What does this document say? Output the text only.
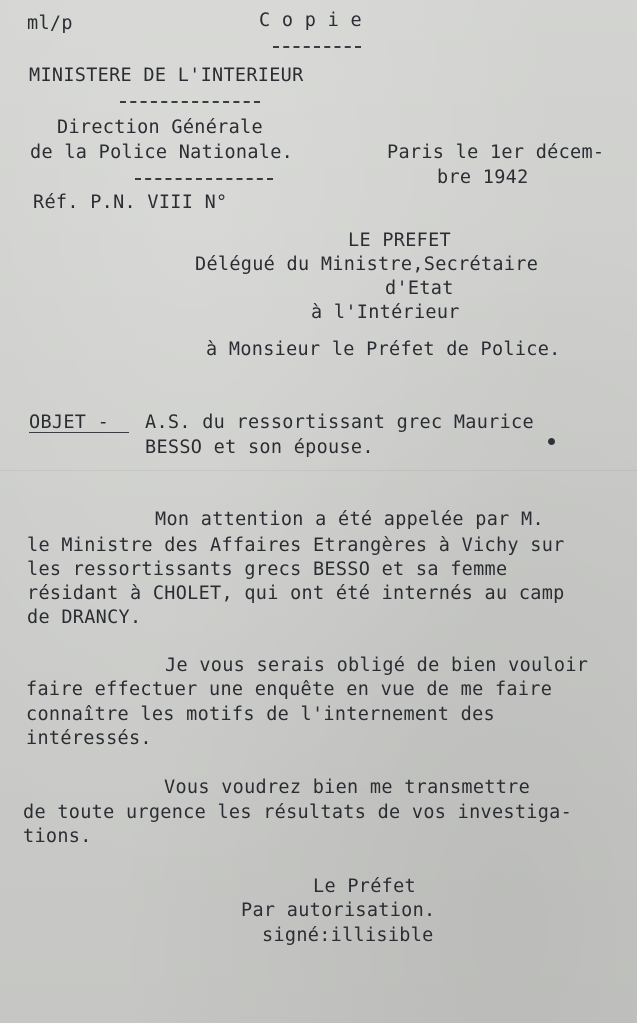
ml/p	C o p i e
MINISTERE DE L'INTERIEUR
Direction Générale
de la Police Nationale.	Paris le 1er décem-
bre 1942
Réf. P.N. VIII N°
LE PREFET
Délégué du Ministre,Secrétaire
d'Etat
à l'Intérieur
à Monsieur le Préfet de Police.
OBJET - A.S. du ressortissant grec Maurice
BESSO et son épouse.
Mon attention a été appelée par M.
le Ministre des Affaires Etrangères à Vichy sur
les ressortissants grecs BESSO et sa femme
résidant à CHOLET, qui ont été internés au camp
de DRANCY.
Je vous serais obligé de bien vouloir
faire effectuer une enquête en vue de me faire
connaître les motifs de l'internement des
intéressés.
Vous voudrez bien me transmettre
de toute urgence les résultats de vos investiga-
tions.
Le Préfet
Par autorisation.
signé:illisible
